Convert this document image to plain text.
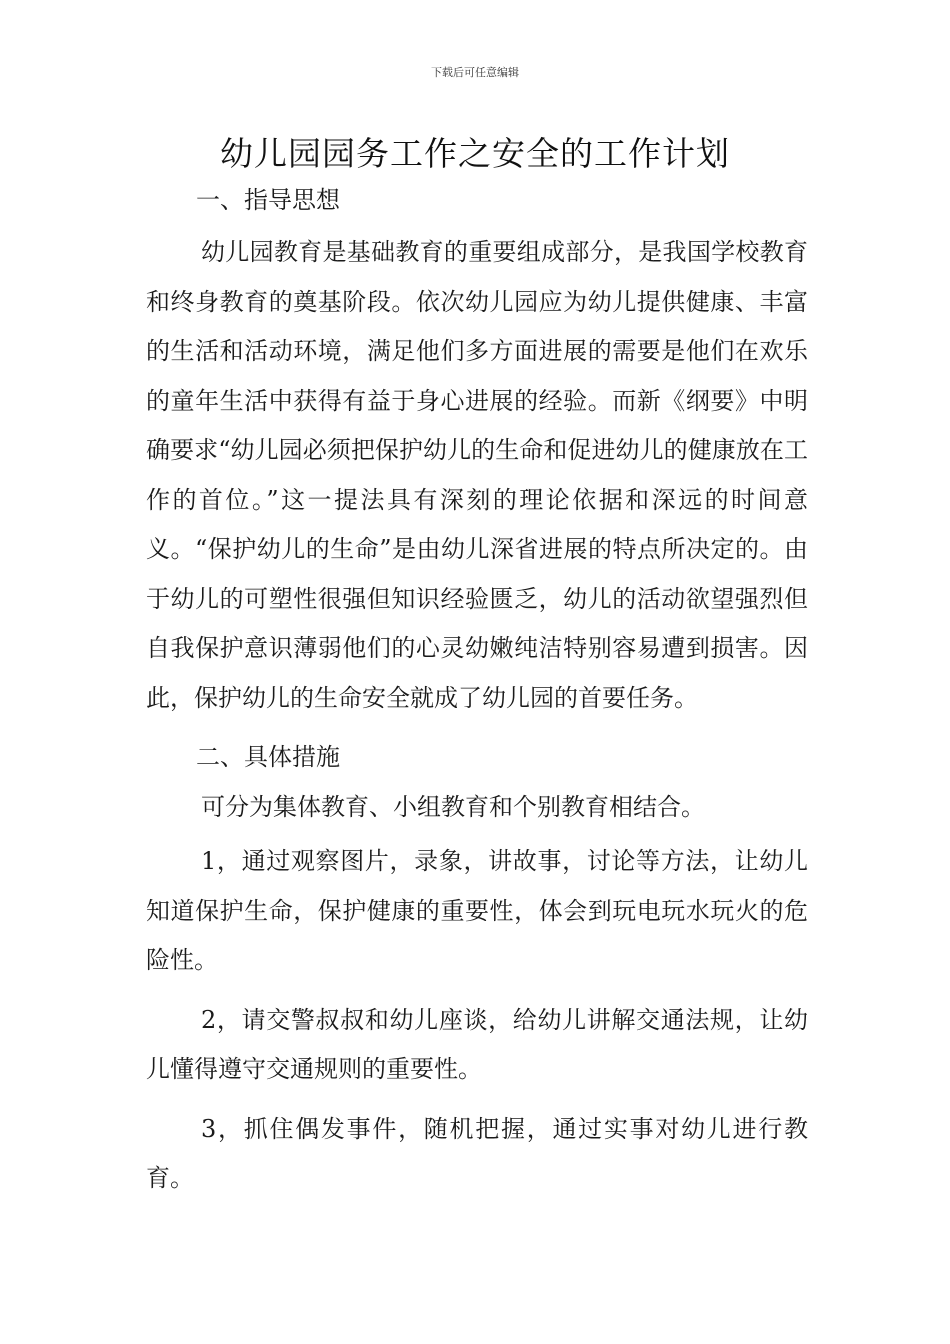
下载后可任意编辑
幼儿园园务工作之安全的工作计划

一、指导思想

幼儿园教育是基础教育的重要组成部分，是我国学校教育和终身教育的奠基阶段。依次幼儿园应为幼儿提供健康、丰富的生活和活动环境，满足他们多方面进展的需要是他们在欢乐的童年生活中获得有益于身心进展的经验。而新《纲要》中明确要求“幼儿园必须把保护幼儿的生命和促进幼儿的健康放在工作的首位。”这一提法具有深刻的理论依据和深远的时间意义。“保护幼儿的生命”是由幼儿深省进展的特点所决定的。由于幼儿的可塑性很强但知识经验匮乏，幼儿的活动欲望强烈但自我保护意识薄弱他们的心灵幼嫩纯洁特别容易遭到损害。因此，保护幼儿的生命安全就成了幼儿园的首要任务。

二、具体措施

可分为集体教育、小组教育和个别教育相结合。

1，通过观察图片，录象，讲故事，讨论等方法，让幼儿知道保护生命，保护健康的重要性，体会到玩电玩水玩火的危险性。

2，请交警叔叔和幼儿座谈，给幼儿讲解交通法规，让幼儿懂得遵守交通规则的重要性。

3，抓住偶发事件，随机把握，通过实事对幼儿进行教育。
